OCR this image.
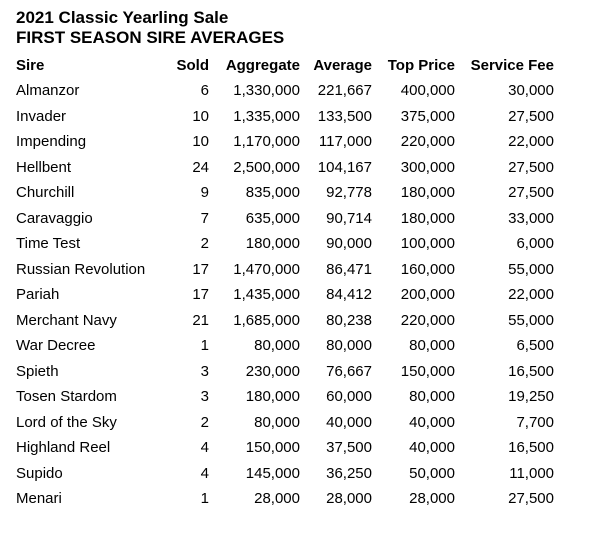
2021 Classic Yearling Sale
FIRST SEASON SIRE AVERAGES
Sire	Sold	Aggregate	Average	Top Price	Service Fee
Almanzor	6	1,330,000	221,667	400,000	30,000
Invader	10	1,335,000	133,500	375,000	27,500
Impending	10	1,170,000	117,000	220,000	22,000
Hellbent	24	2,500,000	104,167	300,000	27,500
Churchill	9	835,000	92,778	180,000	27,500
Caravaggio	7	635,000	90,714	180,000	33,000
Time Test	2	180,000	90,000	100,000	6,000
Russian Revolution	17	1,470,000	86,471	160,000	55,000
Pariah	17	1,435,000	84,412	200,000	22,000
Merchant Navy	21	1,685,000	80,238	220,000	55,000
War Decree	1	80,000	80,000	80,000	6,500
Spieth	3	230,000	76,667	150,000	16,500
Tosen Stardom	3	180,000	60,000	80,000	19,250
Lord of the Sky	2	80,000	40,000	40,000	7,700
Highland Reel	4	150,000	37,500	40,000	16,500
Supido	4	145,000	36,250	50,000	11,000
Menari	1	28,000	28,000	28,000	27,500
